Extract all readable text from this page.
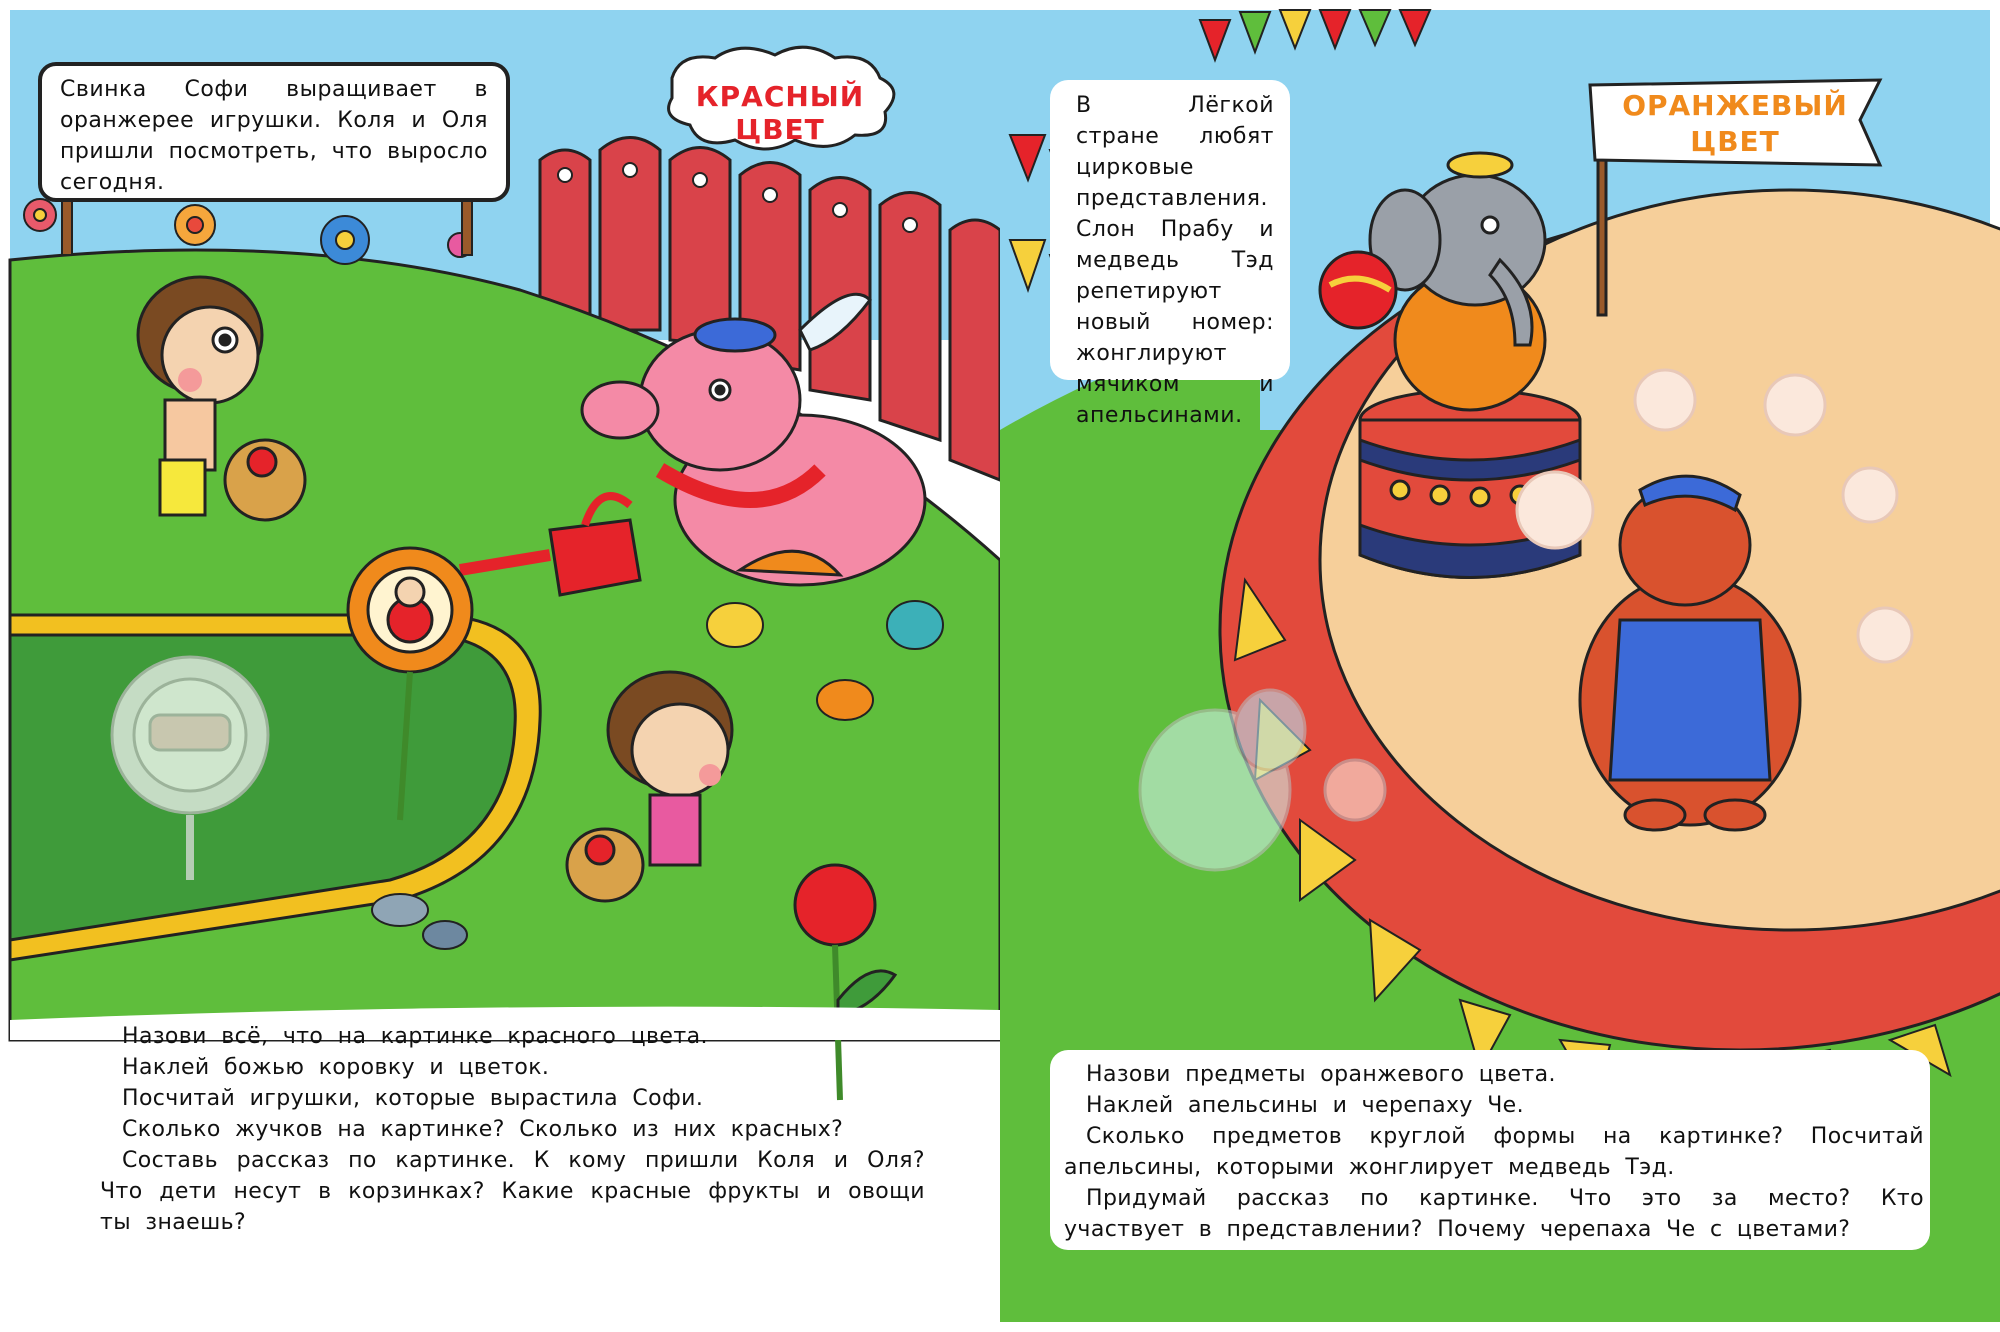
Свинка Софи выращивает в оранжерее игрушки. Коля и Оля пришли посмотреть, что выросло сегодня.

КРАСНЫЙ ЦВЕТ

Назови всё, что на картинке красного цвета.

Наклей божью коровку и цветок.

Посчитай игрушки, которые вырастила Софи.

Сколько жучков на картинке? Сколько из них красных?

Составь рассказ по картинке. К кому пришли Коля и Оля? Что дети несут в корзинках? Какие красные фрукты и овощи ты знаешь?

В Лёгкой стране любят цирковые представления. Слон Прабу и медведь Тэд репетируют новый номер: жонглируют мячиком и апельсинами.

ОРАНЖЕВЫЙ
ЦВЕТ

Назови предметы оранжевого цвета.

Наклей апельсины и черепаху Че.

Сколько предметов круглой формы на картинке? Посчитай апельсины, которыми жонглирует медведь Тэд.

Придумай рассказ по картинке. Что это за место? Кто участвует в представлении? Почему черепаха Че с цветами?
